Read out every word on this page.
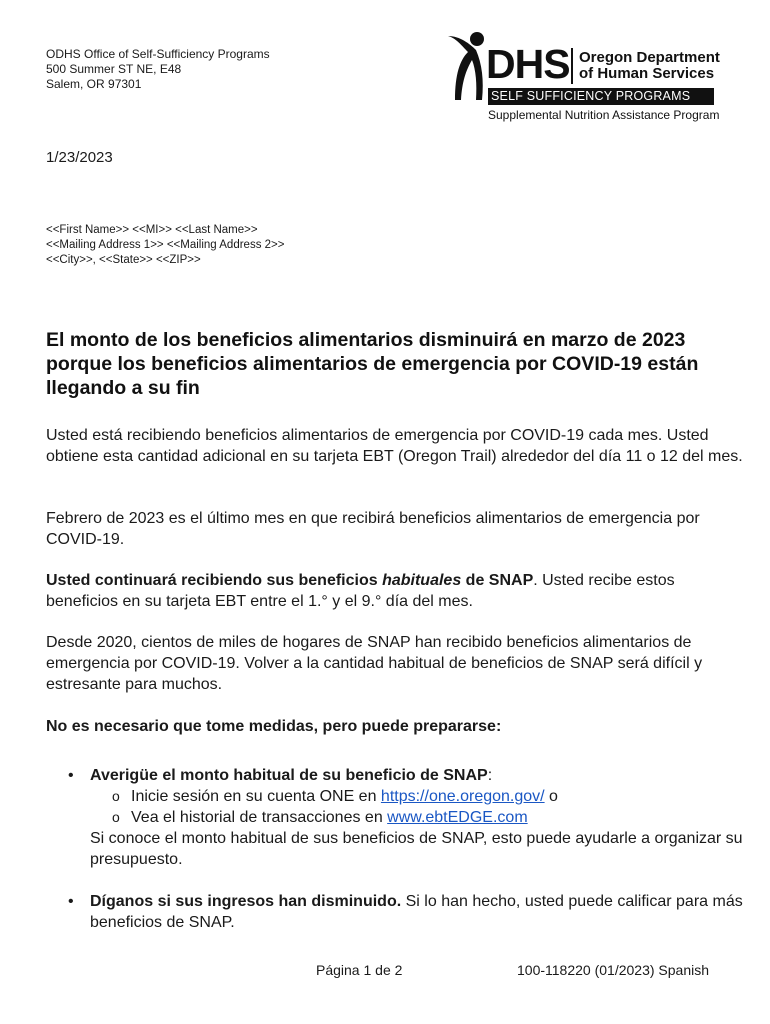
ODHS Office of Self-Sufficiency Programs
500 Summer ST NE, E48
Salem, OR 97301	DHS Oregon Department
of Human Services
SELF SUFFICIENCY PROGRAMS
Supplemental Nutrition Assistance Program
1/23/2023
<<First Name>> <<MI>> <<Last Name>>
<<Mailing Address 1>> <<Mailing Address 2>>
<<City>>, <<State>> <<ZIP>>
El monto de los beneficios alimentarios disminuirá en marzo de 2023 porque los beneficios alimentarios de emergencia por COVID-19 están llegando a su fin
Usted está recibiendo beneficios alimentarios de emergencia por COVID-19 cada mes. Usted obtiene esta cantidad adicional en su tarjeta EBT (Oregon Trail) alrededor del día 11 o 12 del mes.
Febrero de 2023 es el último mes en que recibirá beneficios alimentarios de emergencia por COVID-19.
Usted continuará recibiendo sus beneficios habituales de SNAP. Usted recibe estos beneficios en su tarjeta EBT entre el 1.° y el 9.° día del mes.
Desde 2020, cientos de miles de hogares de SNAP han recibido beneficios alimentarios de emergencia por COVID-19. Volver a la cantidad habitual de beneficios de SNAP será difícil y estresante para muchos.
No es necesario que tome medidas, pero puede prepararse:
• Averigüe el monto habitual de su beneficio de SNAP:
o Inicie sesión en su cuenta ONE en https://one.oregon.gov/ o
o Vea el historial de transacciones en www.ebtEDGE.com
Si conoce el monto habitual de sus beneficios de SNAP, esto puede ayudarle a organizar su presupuesto.
• Díganos si sus ingresos han disminuido. Si lo han hecho, usted puede calificar para más beneficios de SNAP.
Página 1 de 2	100-118220 (01/2023) Spanish
